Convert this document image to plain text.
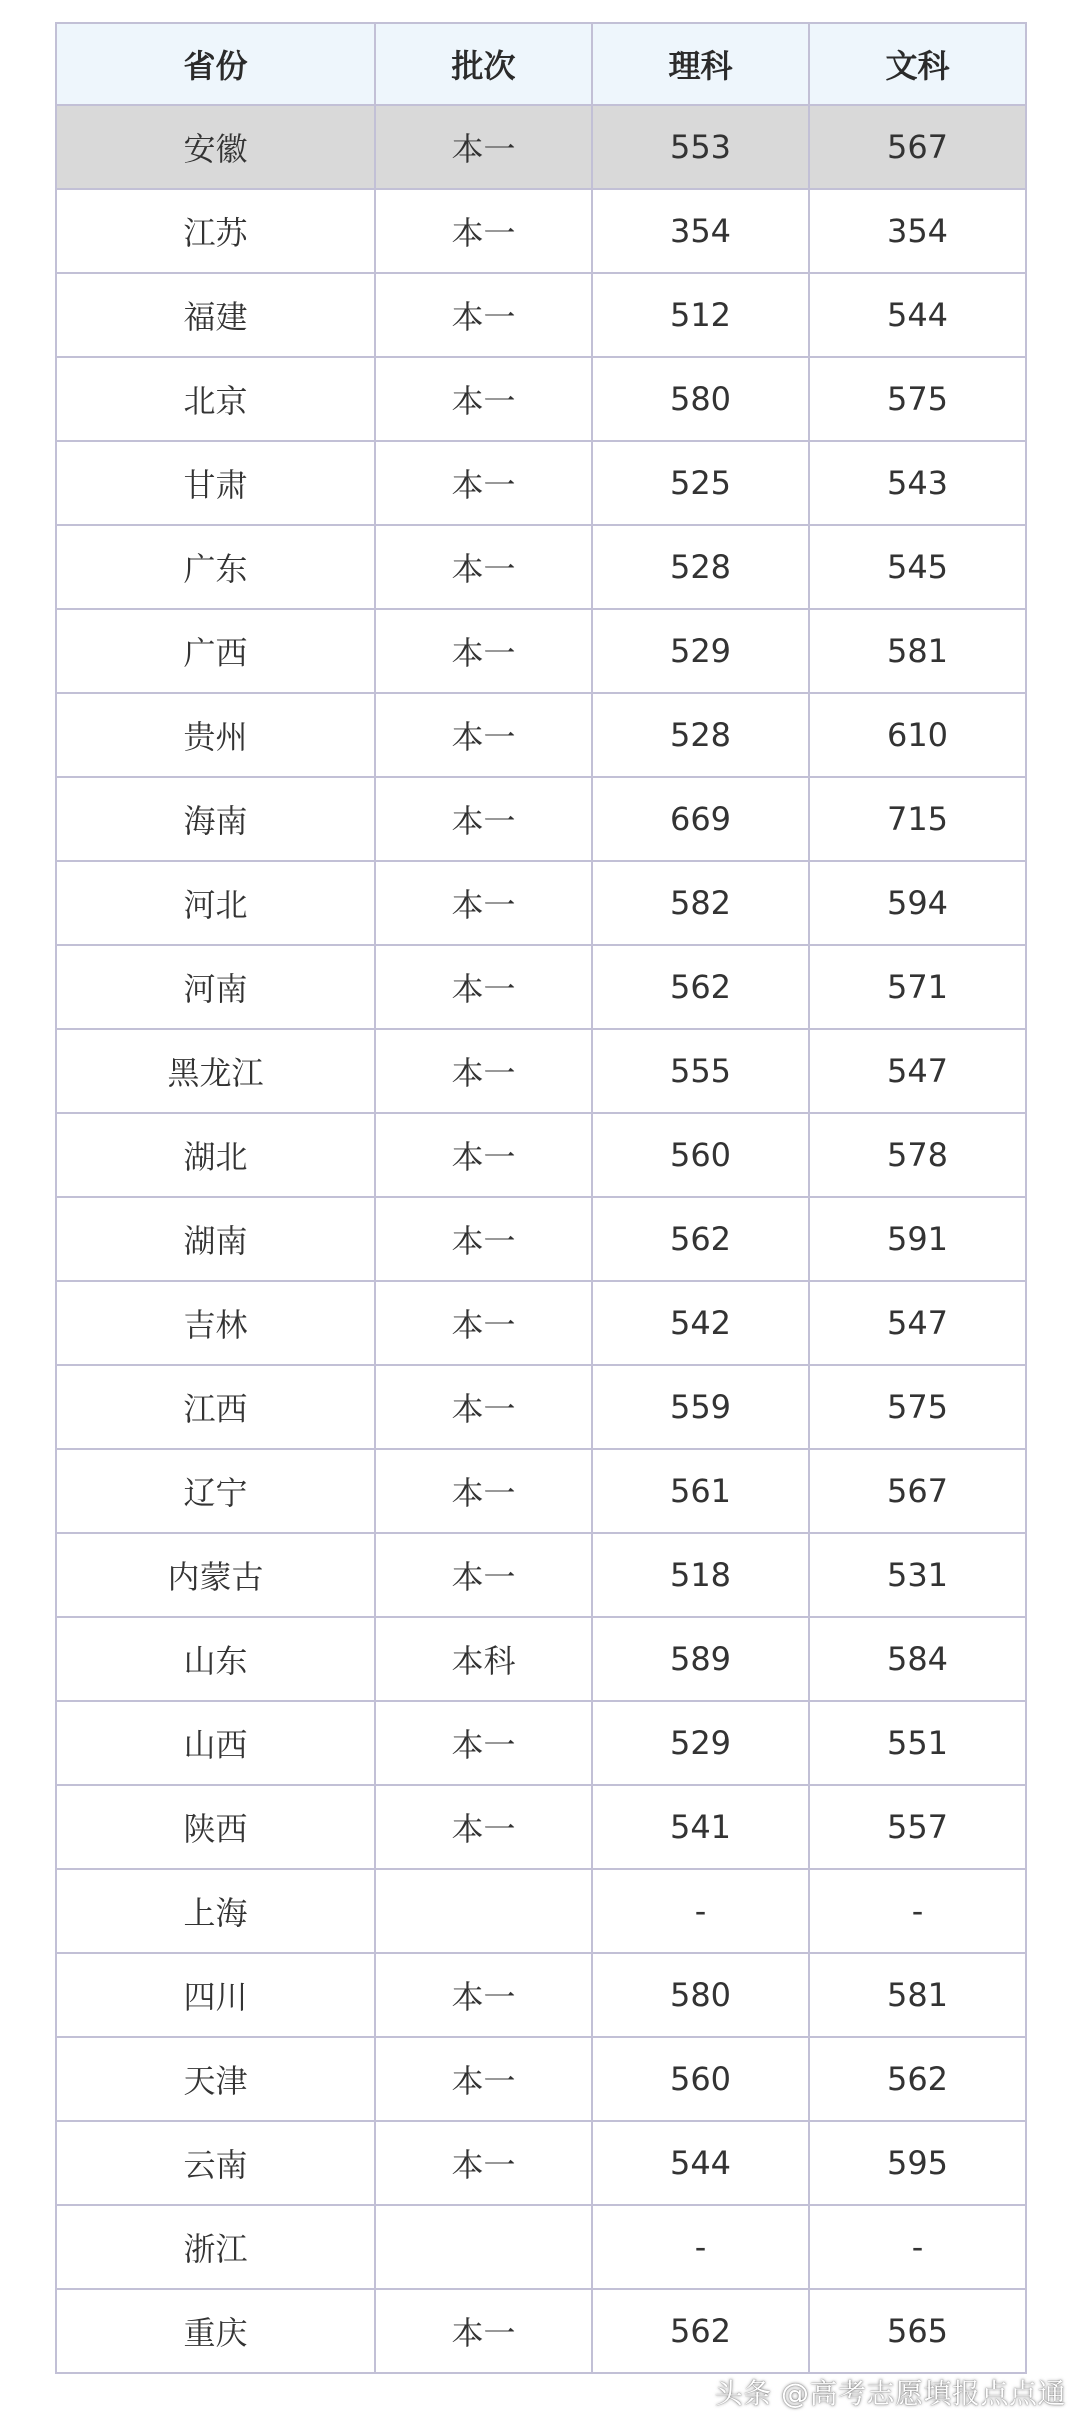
省份	批次	理科	文科
安徽	本一	553	567
江苏	本一	354	354
福建	本一	512	544
北京	本一	580	575
甘肃	本一	525	543
广东	本一	528	545
广西	本一	529	581
贵州	本一	528	610
海南	本一	669	715
河北	本一	582	594
河南	本一	562	571
黑龙江	本一	555	547
湖北	本一	560	578
湖南	本一	562	591
吉林	本一	542	547
江西	本一	559	575
辽宁	本一	561	567
内蒙古	本一	518	531
山东	本科	589	584
山西	本一	529	551
陕西	本一	541	557
上海		-	-
四川	本一	580	581
天津	本一	560	562
云南	本一	544	595
浙江		-	-
重庆	本一	562	565
头条 @高考志愿填报点点通
